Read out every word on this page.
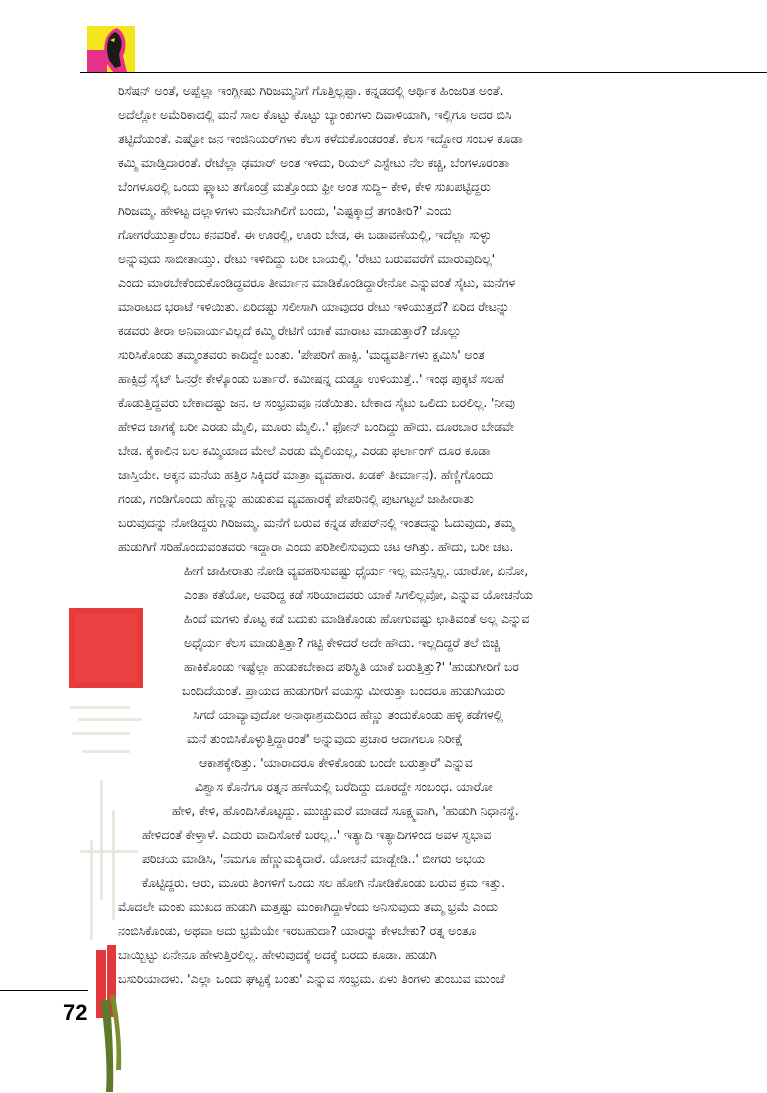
72
ರಿಸೆಷನ್ ಅಂತೆ, ಅಪ್ಪೆಲ್ಲಾ ಇಂಗ್ಲೀಷು ಗಿರಿಜಮ್ಮನಿಗೆ ಗೊತ್ತಿಲ್ಲಪ್ಪಾ. ಕನ್ನಡದಲ್ಲಿ ಆರ್ಥಿಕ ಹಿಂಜರಿತ ಅಂತೆ.
ಅದೆಲ್ಲೋ ಅಮೆರಿಕಾದಲ್ಲಿ ಮನೆ ಸಾಲ ಕೊಟ್ಟು ಕೊಟ್ಟು ಬ್ಯಾಂಕುಗಳು ದಿವಾಳಿಯಾಗಿ, ಇಲ್ಲಿಗೂ ಅದರ ಬಿಸಿ
ತಟ್ಟಿದೆಯಂತೆ. ಎಷ್ಟೋ ಜನ ಇಂಜಿನಿಯರ್‌ಗಳು ಕೆಲಸ ಕಳೆದುಕೊಂಡರಂತೆ. ಕೆಲಸ ಇದ್ದೋರ ಸಂಬಳ ಕೂಡಾ
ಕಮ್ಮಿ ಮಾಡ್ತಿದಾರಂತೆ. ರೇಟೆಲ್ಲಾ ಢಮಾರ್ ಅಂತ ಇಳಿದು, ರಿಯಲ್ ಎಸ್ಟೇಟು ನೆಲ ಕಚ್ಚಿ, ಬೆಂಗಳೂರಂತಾ
ಬೆಂಗಳೂರಲ್ಲಿ ಒಂದು ಫ್ಲ್ಯಾಟು ತಗೊಂಡ್ರೆ ಮತ್ತೊಂದು ಫ್ರೀ ಅಂತ ಸುದ್ದಿ– ಕೇಳಿ, ಕೇಳಿ ಸುಖಪಟ್ಟಿದ್ದರು
ಗಿರಿಜಮ್ಮ. ಹೇಳಿಟ್ಟ ದಲ್ಲಾಳಿಗಳು ಮನೆಬಾಗಿಲಿಗೆ ಬಂದು, 'ಎಷ್ಟಕ್ಕಾದ್ರೆ ತಗಂತೀರಿ?' ಎಂದು
ಗೋಗರೆಯುತ್ತಾರೆಂಬ ಕನವರಿಕೆ. ಈ ಊರಲ್ಲಿ, ಊರು ಬೇಡ, ಈ ಬಡಾವಣೆಯಲ್ಲಿ, ಇದೆಲ್ಲಾ ಸುಳ್ಳು
ಅನ್ನುವುದು ಸಾಬೀತಾಯ್ತು. ರೇಟು ಇಳಿದಿದ್ದು ಬರೀ ಬಾಯಲ್ಲಿ. 'ರೇಟು ಬರುವವರೆಗೆ ಮಾರುವುದಿಲ್ಲ'
ಎಂದು ಮಾರಬೇಕೆಂದುಕೊಂಡಿದ್ದವರೂ ತೀರ್ಮಾನ ಮಾಡಿಕೊಂಡಿದ್ದಾರೇನೋ ಎನ್ನುವಂತೆ ಸೈಟು, ಮನೆಗಳ
ಮಾರಾಟದ ಭರಾಟೆ ಇಳಿಯಿತು. ಏರಿದಷ್ಟು ಸಲೀಸಾಗಿ ಯಾವುದರ ರೇಟು ಇಳಿಯುತ್ತದೆ? ಏರಿದ ರೇಟನ್ನು
ಕಡವರು ತೀರಾ ಅನಿವಾರ್ಯವಿಲ್ಲದೆ ಕಮ್ಮಿ ರೇಟಿಗೆ ಯಾಕೆ ಮಾರಾಟ ಮಾಡುತ್ತಾರೆ? ಜೊಲ್ಲು
ಸುರಿಸಿಕೊಂಡು ತಮ್ಮಂತವರು ಕಾದಿದ್ದೇ ಬಂತು. 'ಪೇಪರಿಗೆ ಹಾಕ್ಸಿ. 'ಮಧ್ಯವರ್ತಿಗಳು ಕ್ಷಮಿಸಿ' ಅಂತ
ಹಾಕ್ಸಿದ್ರೆ ಸೈಟ್ ಓನರ್‍ರೇ ಕೇಳ್ಕೊಂಡು ಬರ್ತಾರೆ. ಕಮೀಷನ್ನ ದುಡ್ಡೂ ಉಳಿಯುತ್ತೆ..' ಇಂಥ ಪುಕ್ಕಟೆ ಸಲಹೆ
ಕೊಡುತ್ತಿದ್ದವರು ಬೇಕಾದಷ್ಟು ಜನ. ಆ ಸಂಭ್ರಮವೂ ನಡೆಯಿತು. ಬೇಕಾದ ಸೈಟು ಒಲಿದು ಬರಲಿಲ್ಲ. 'ನೀವು
ಹೇಳಿದ ಜಾಗಕ್ಕೆ ಬರೀ ಎರಡು ಮೈಲಿ, ಮೂರು ಮೈಲಿ..' ಫೋನ್ ಬಂದಿದ್ದು ಹೌದು. ದೂರಬಾರ ಬೇಡವೇ
ಬೇಡ. ಕೈಕಾಲಿನ ಬಲ ಕಮ್ಮಿಯಾದ ಮೇಲೆ ಎರಡು ಮೈಲಿಯಲ್ಲ, ಎರಡು ಫರ್ಲಾಂಗ್ ದೂರ ಕೂಡಾ
ಜಾಸ್ತಿಯೇ. ಅಕ್ಕನ ಮನೆಯ ಹತ್ತಿರ ಸಿಕ್ಕಿದರೆ ಮಾತ್ರಾ ವ್ಯವಹಾರ. ಖಡಕ್ ತೀರ್ಮಾನ). ಹೆಣ್ಣಿಗೊಂದು
ಗಂಡು, ಗಂಡಿಗೊಂದು ಹೆಣ್ಣನ್ನು ಹುಡುಕುವ ವ್ಯವಹಾರಕ್ಕೆ ಪೇಪರಿನಲ್ಲಿ ಪುಟಗಟ್ಟಲೆ ಜಾಹೀರಾತು
ಬರುವುದನ್ನು ನೋಡಿದ್ದರು ಗಿರಿಜಮ್ಮ. ಮನೆಗೆ ಬರುವ ಕನ್ನಡ ಪೇಪರ್‌ನಲ್ಲಿ ಇಂತದನ್ನು ಓದುವುದು, ತಮ್ಮ
ಹುಡುಗಿಗೆ ಸರಿಹೊಂದುವಂತವರು ಇದ್ದಾರಾ ಎಂದು ಪರಿಶೀಲಿಸುವುದು ಚಟ ಆಗಿತ್ತು. ಹೌದು, ಬರೀ ಚಟ.
ಹೀಗೆ ಜಾಹೀರಾತು ನೋಡಿ ವ್ಯವಹರಿಸುವಷ್ಟು ಧೈರ್ಯ ಇಲ್ಲ ಮನಸ್ಸಿಲ್ಲ. ಯಾರೋ, ಏನೋ,
ಎಂತಾ ಕತೆಯೋ, ಅವರಿದ್ದ ಕಡೆ ಸರಿಯಾದವರು ಯಾಕೆ ಸಿಗಲಿಲ್ಲವೋ, ಎನ್ನುವ ಯೋಚನೆಯ
ಹಿಂದೆ ಮಗಳು ಕೊಟ್ಟ ಕಡೆ ಬದುಕು ಮಾಡಿಕೊಂಡು ಹೋಗುವಷ್ಟು ಛಾತಿವಂತೆ ಅಲ್ಲ ಎನ್ನುವ
ಅಧೈರ್ಯ ಕೆಲಸ ಮಾಡುತ್ತಿತ್ತಾ? ಗಟ್ಟಿ ಕೇಳಿದರೆ ಅದೇ ಹೌದು. ಇಲ್ಲದಿದ್ದರೆ ತಲೆ ಬಿಚ್ಚಿ
ಹಾಕಿಕೊಂಡು ಇಷ್ಟೆಲ್ಲಾ ಹುಡುಕಬೇಕಾದ ಪರಿಸ್ಥಿತಿ ಯಾಕೆ ಬರುತ್ತಿತ್ತು?' 'ಹುಡುಗೀರಿಗೆ ಬರ
ಬಂದಿದೆಯಂತೆ. ಪ್ರಾಯದ ಹುಡುಗರಿಗೆ ವಯಸ್ಸು ಮೀರುತ್ತಾ ಬಂದರೂ ಹುಡುಗಿಯರು
ಸಿಗದೆ ಯಾವ್ಯಾವುದೋ ಅನಾಥಾಶ್ರಮದಿಂದ ಹೆಣ್ಣು ತಂದುಕೊಂಡು ಹಳ್ಳಿ ಕಡೆಗಳಲ್ಲಿ
ಮನೆ ತುಂಬಿಸಿಕೊಳ್ಳುತ್ತಿದ್ದಾರಂತೆ' ಅನ್ನುವುದು ಪ್ರಚಾರ ಆದಾಗಲೂ ನಿರೀಕ್ಷೆ
ಆಕಾಶಕ್ಕೇರಿತ್ತು. 'ಯಾರಾದರೂ ಕೇಳಿಕೊಂಡು ಬಂದೇ ಬರುತ್ತಾರೆ' ಎನ್ನುವ
ವಿಶ್ವಾಸ ಕೊನೆಗೂ ರತ್ನನ ಹಣೆಯಲ್ಲಿ ಬರೆದಿದ್ದು ದೂರದ್ದೇ ಸಂಬಂಧ. ಯಾರೋ
ಹೇಳಿ, ಕೇಳಿ, ಹೊಂದಿಸಿಕೊಟ್ಟದ್ದು. ಮುಚ್ಚುಮರೆ ಮಾಡದೆ ಸೂಕ್ಷ್ಮವಾಗಿ, 'ಹುಡುಗಿ ನಿಧಾನಸ್ಥೆ.
ಹೇಳಿದಂತೆ ಕೇಳ್ತಾಳೆ. ಎದುರು ವಾದಿಸೋಕೆ ಬರಲ್ಲ..' ಇತ್ಯಾದಿ ಇತ್ಯಾದಿಗಳಿಂದ ಅವಳ ಸ್ವಭಾವ
ಪರಿಚಯ ಮಾಡಿಸಿ, 'ನಮಗೂ ಹೆಣ್ಣುಮಕ್ಕಿದಾರೆ. ಯೋಚನೆ ಮಾಡ್ಬೇಡಿ..' ಬೀಗರು ಅಭಯ
ಕೊಟ್ಟಿದ್ದರು. ಆರು, ಮೂರು ತಿಂಗಳಿಗೆ ಒಂದು ಸಲ ಹೋಗಿ ನೋಡಿಕೊಂಡು ಬರುವ ಕ್ರಮ ಇತ್ತು.
ಮೊದಲೇ ಮಂಕು ಮುಖದ ಹುಡುಗಿ ಮತ್ತಷ್ಟು ಮಂಕಾಗಿದ್ದಾಳೆಂದು ಅನಿಸುವುದು ತಮ್ಮ ಭ್ರಮೆ ಎಂದು
ನಂಬಿಸಿಕೊಂಡು, ಅಥವಾ ಅದು ಭ್ರಮೆಯೇ ಇರಬಹುದಾ? ಯಾರನ್ನು ಕೇಳಬೇಕು? ರತ್ನ ಅಂತೂ
ಬಾಯ್ಬಿಟ್ಟು ಏನೇನೂ ಹೇಳುತ್ತಿರಲಿಲ್ಲ. ಹೇಳುವುದಕ್ಕೆ ಅದಕ್ಕೆ ಬರದು ಕೂಡಾ. ಹುಡುಗಿ
ಬಸುರಿಯಾದಳು. 'ಎಲ್ಲಾ ಒಂದು ಘಟ್ಟಕ್ಕೆ ಬಂತು' ಎನ್ನುವ ಸಂಭ್ರಮ. ಏಳು ತಿಂಗಳು ತುಂಬುವ ಮುಂಚೆ
